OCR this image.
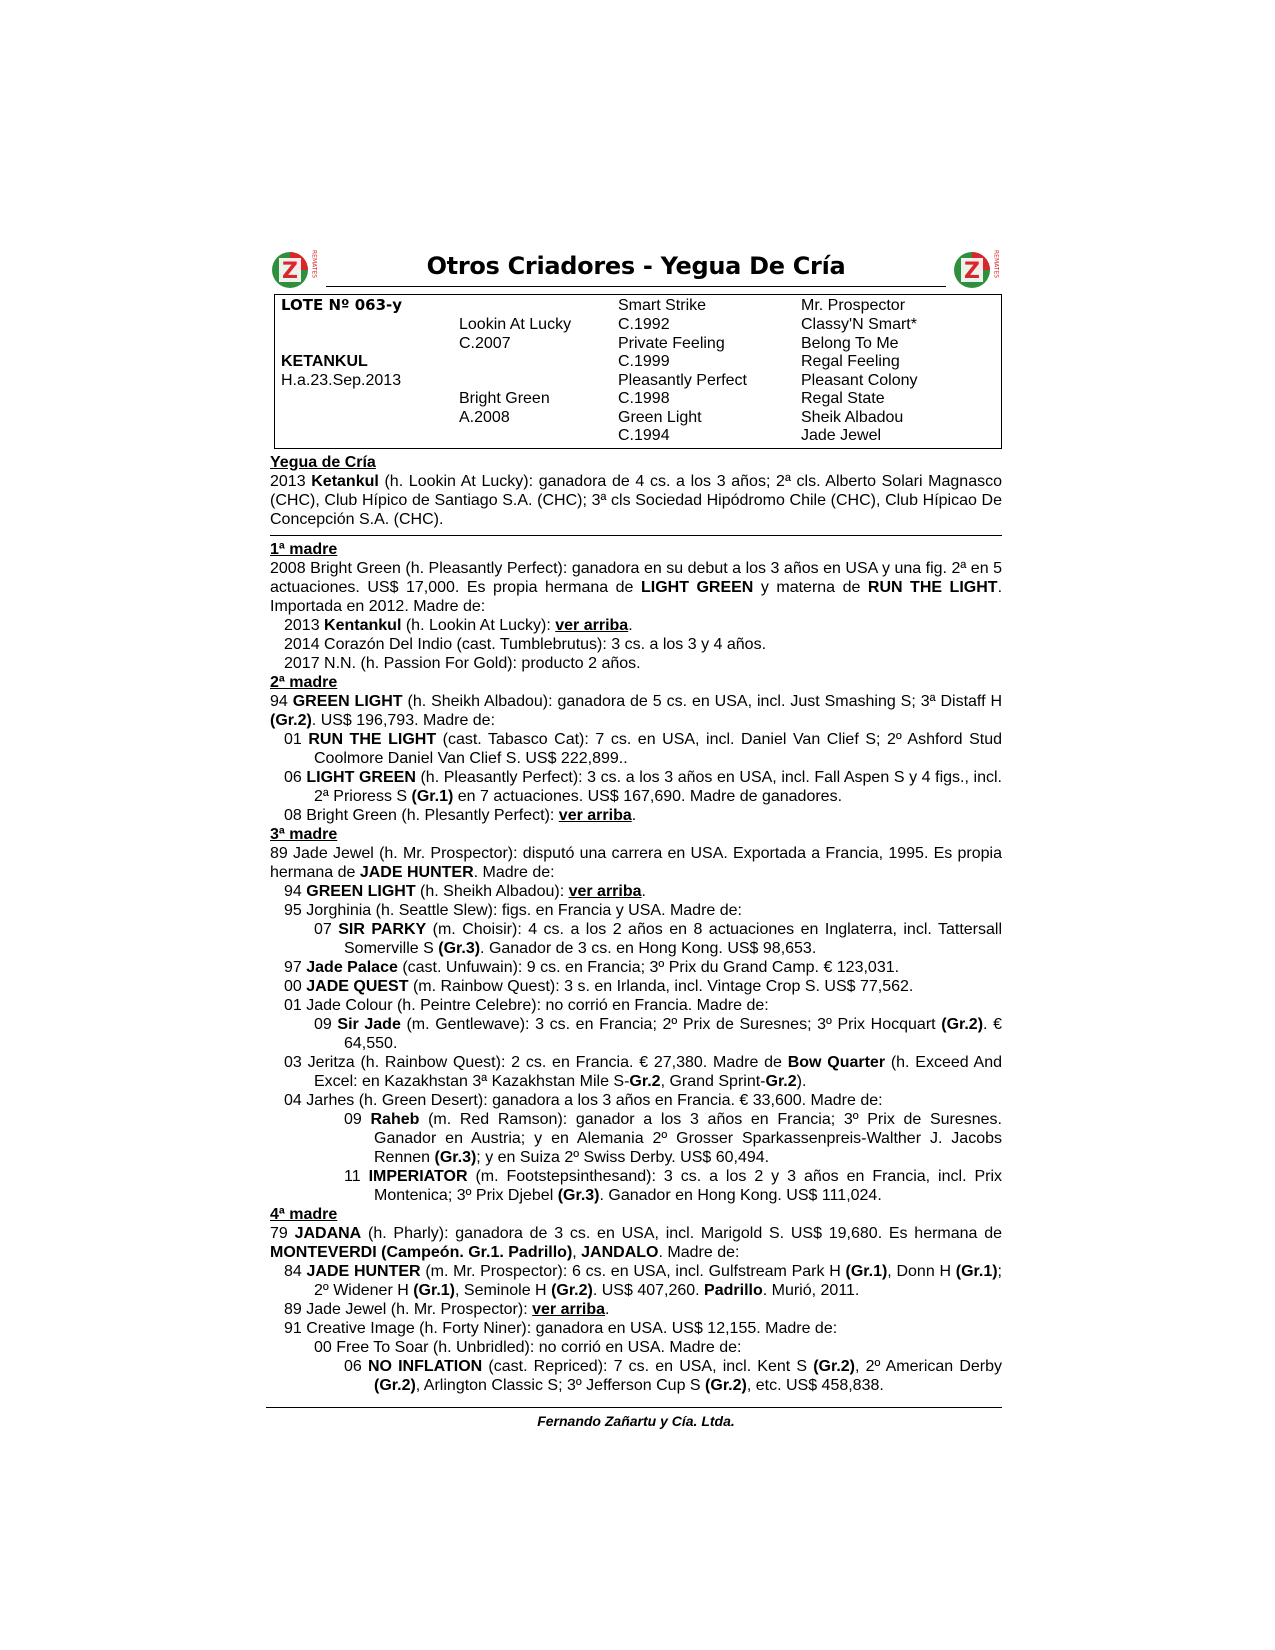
Z REMATES	Otros Criadores - Yegua De Cría	Z REMATES
LOTE Nº 063-y
KETANKUL
H.a.23.Sep.2013
Lookin At Lucky
C.2007
Bright Green
A.2008
Smart Strike
C.1992
Private Feeling
C.1999
Pleasantly Perfect
C.1998
Green Light
C.1994
Mr. Prospector
Classy'N Smart*
Belong To Me
Regal Feeling
Pleasant Colony
Regal State
Sheik Albadou
Jade Jewel
Yegua de Cría
2013 Ketankul (h. Lookin At Lucky): ganadora de 4 cs. a los 3 años; 2ª cls. Alberto Solari Magnasco (CHC), Club Hípico de Santiago S.A. (CHC); 3ª cls Sociedad Hipódromo Chile (CHC), Club Hípicao De Concepción S.A. (CHC).
1ª madre
2008 Bright Green (h. Pleasantly Perfect): ganadora en su debut a los 3 años en USA y una fig. 2ª en 5 actuaciones. US$ 17,000. Es propia hermana de LIGHT GREEN y materna de RUN THE LIGHT. Importada en 2012. Madre de:
2013 Kentankul (h. Lookin At Lucky): ver arriba.
2014 Corazón Del Indio (cast. Tumblebrutus): 3 cs. a los 3 y 4 años.
2017 N.N. (h. Passion For Gold): producto 2 años.
2ª madre
94 GREEN LIGHT (h. Sheikh Albadou): ganadora de 5 cs. en USA, incl. Just Smashing S; 3ª Distaff H (Gr.2). US$ 196,793. Madre de:
01 RUN THE LIGHT (cast. Tabasco Cat): 7 cs. en USA, incl. Daniel Van Clief S; 2º Ashford Stud Coolmore Daniel Van Clief S. US$ 222,899..
06 LIGHT GREEN (h. Pleasantly Perfect): 3 cs. a los 3 años en USA, incl. Fall Aspen S y 4 figs., incl. 2ª Prioress S (Gr.1) en 7 actuaciones. US$ 167,690. Madre de ganadores.
08 Bright Green (h. Plesantly Perfect): ver arriba.
3ª madre
89 Jade Jewel (h. Mr. Prospector): disputó una carrera en USA. Exportada a Francia, 1995. Es propia hermana de JADE HUNTER. Madre de:
94 GREEN LIGHT (h. Sheikh Albadou): ver arriba.
95 Jorghinia (h. Seattle Slew): figs. en Francia y USA. Madre de:
07 SIR PARKY (m. Choisir): 4 cs. a los 2 años en 8 actuaciones en Inglaterra, incl. Tattersall Somerville S (Gr.3). Ganador de 3 cs. en Hong Kong. US$ 98,653.
97 Jade Palace (cast. Unfuwain): 9 cs. en Francia; 3º Prix du Grand Camp. € 123,031.
00 JADE QUEST (m. Rainbow Quest): 3 s. en Irlanda, incl. Vintage Crop S. US$ 77,562.
01 Jade Colour (h. Peintre Celebre): no corrió en Francia. Madre de:
09 Sir Jade (m. Gentlewave): 3 cs. en Francia; 2º Prix de Suresnes; 3º Prix Hocquart (Gr.2). € 64,550.
03 Jeritza (h. Rainbow Quest): 2 cs. en Francia. € 27,380. Madre de Bow Quarter (h. Exceed And Excel: en Kazakhstan 3ª Kazakhstan Mile S-Gr.2, Grand Sprint-Gr.2).
04 Jarhes (h. Green Desert): ganadora a los 3 años en Francia. € 33,600. Madre de:
09 Raheb (m. Red Ramson): ganador a los 3 años en Francia; 3º Prix de Suresnes. Ganador en Austria; y en Alemania 2º Grosser Sparkassenpreis-Walther J. Jacobs Rennen (Gr.3); y en Suiza 2º Swiss Derby. US$ 60,494.
11 IMPERIATOR (m. Footstepsinthesand): 3 cs. a los 2 y 3 años en Francia, incl. Prix Montenica; 3º Prix Djebel (Gr.3). Ganador en Hong Kong. US$ 111,024.
4ª madre
79 JADANA (h. Pharly): ganadora de 3 cs. en USA, incl. Marigold S. US$ 19,680. Es hermana de MONTEVERDI (Campeón. Gr.1. Padrillo), JANDALO. Madre de:
84 JADE HUNTER (m. Mr. Prospector): 6 cs. en USA, incl. Gulfstream Park H (Gr.1), Donn H (Gr.1); 2º Widener H (Gr.1), Seminole H (Gr.2). US$ 407,260. Padrillo. Murió, 2011.
89 Jade Jewel (h. Mr. Prospector): ver arriba.
91 Creative Image (h. Forty Niner): ganadora en USA. US$ 12,155. Madre de:
00 Free To Soar (h. Unbridled): no corrió en USA. Madre de:
06 NO INFLATION (cast. Repriced): 7 cs. en USA, incl. Kent S (Gr.2), 2º American Derby (Gr.2), Arlington Classic S; 3º Jefferson Cup S (Gr.2), etc. US$ 458,838.
Fernando Zañartu y Cía. Ltda.
